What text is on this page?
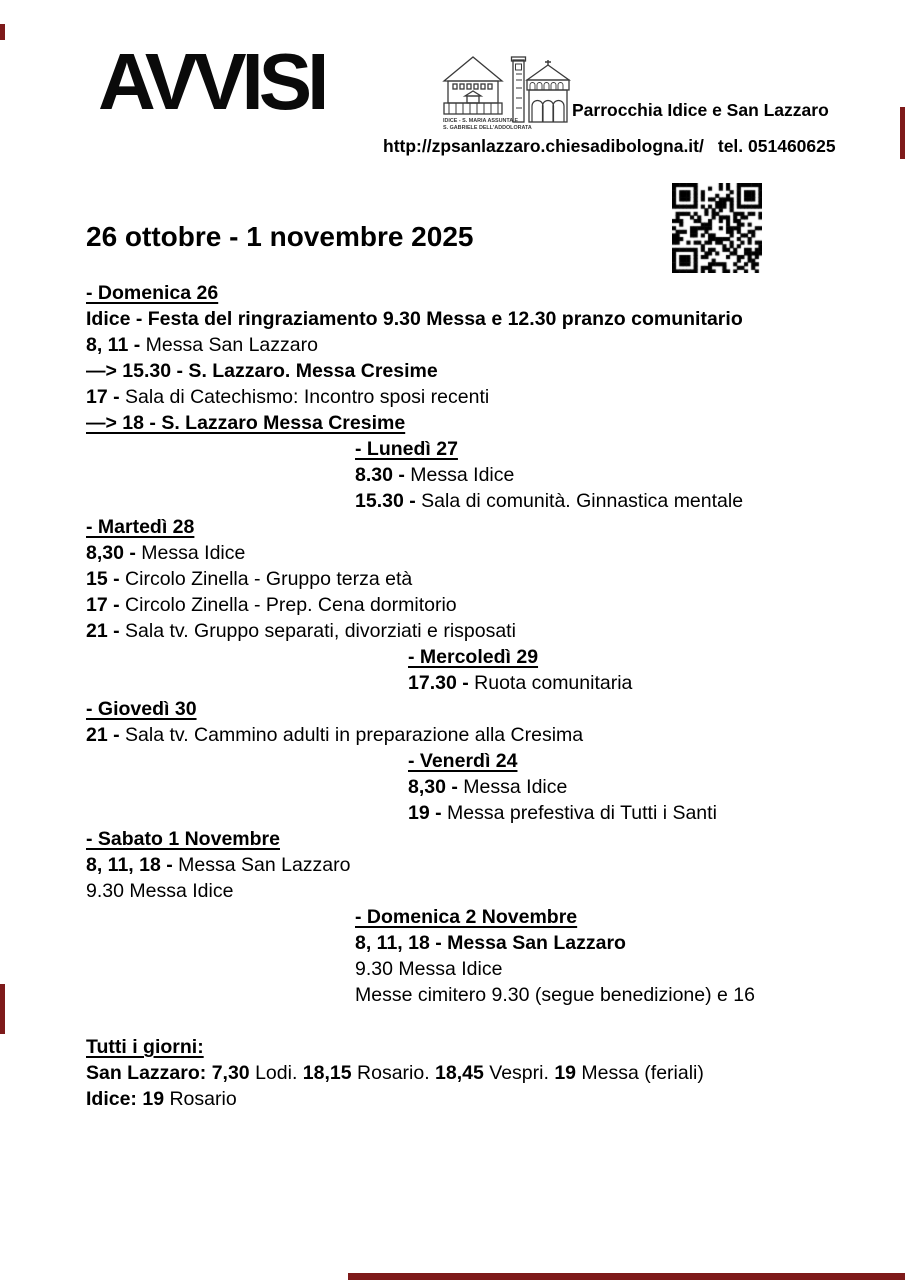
AVVISI	IDICE - S. MARIA ASSUNTA E
S. GABRIELE DELL'ADDOLORATA
Parrocchia Idice e San Lazzaro
http://zpsanlazzaro.chiesadibologna.it/ tel. 051460625
26 ottobre - 1 novembre 2025
- Domenica 26
Idice - Festa del ringraziamento 9.30 Messa e 12.30 pranzo comunitario
8, 11 - Messa San Lazzaro
—> 15.30 - S. Lazzaro. Messa Cresime
17 - Sala di Catechismo: Incontro sposi recenti
—> 18 - S. Lazzaro Messa Cresime
- Lunedì 27
8.30 - Messa Idice
15.30 - Sala di comunità. Ginnastica mentale
- Martedì 28
8,30 - Messa Idice
15 - Circolo Zinella - Gruppo terza età
17 - Circolo Zinella - Prep. Cena dormitorio
21 - Sala tv. Gruppo separati, divorziati e risposati
- Mercoledì 29
17.30 - Ruota comunitaria
- Giovedì 30
21 - Sala tv. Cammino adulti in preparazione alla Cresima
- Venerdì 24
8,30 - Messa Idice
19 - Messa prefestiva di Tutti i Santi
- Sabato 1 Novembre
8, 11, 18 - Messa San Lazzaro
9.30 Messa Idice
- Domenica 2 Novembre
8, 11, 18 - Messa San Lazzaro
9.30 Messa Idice
Messe cimitero 9.30 (segue benedizione) e 16
Tutti i giorni:
San Lazzaro: 7,30 Lodi. 18,15 Rosario. 18,45 Vespri. 19 Messa (feriali)
Idice: 19 Rosario
